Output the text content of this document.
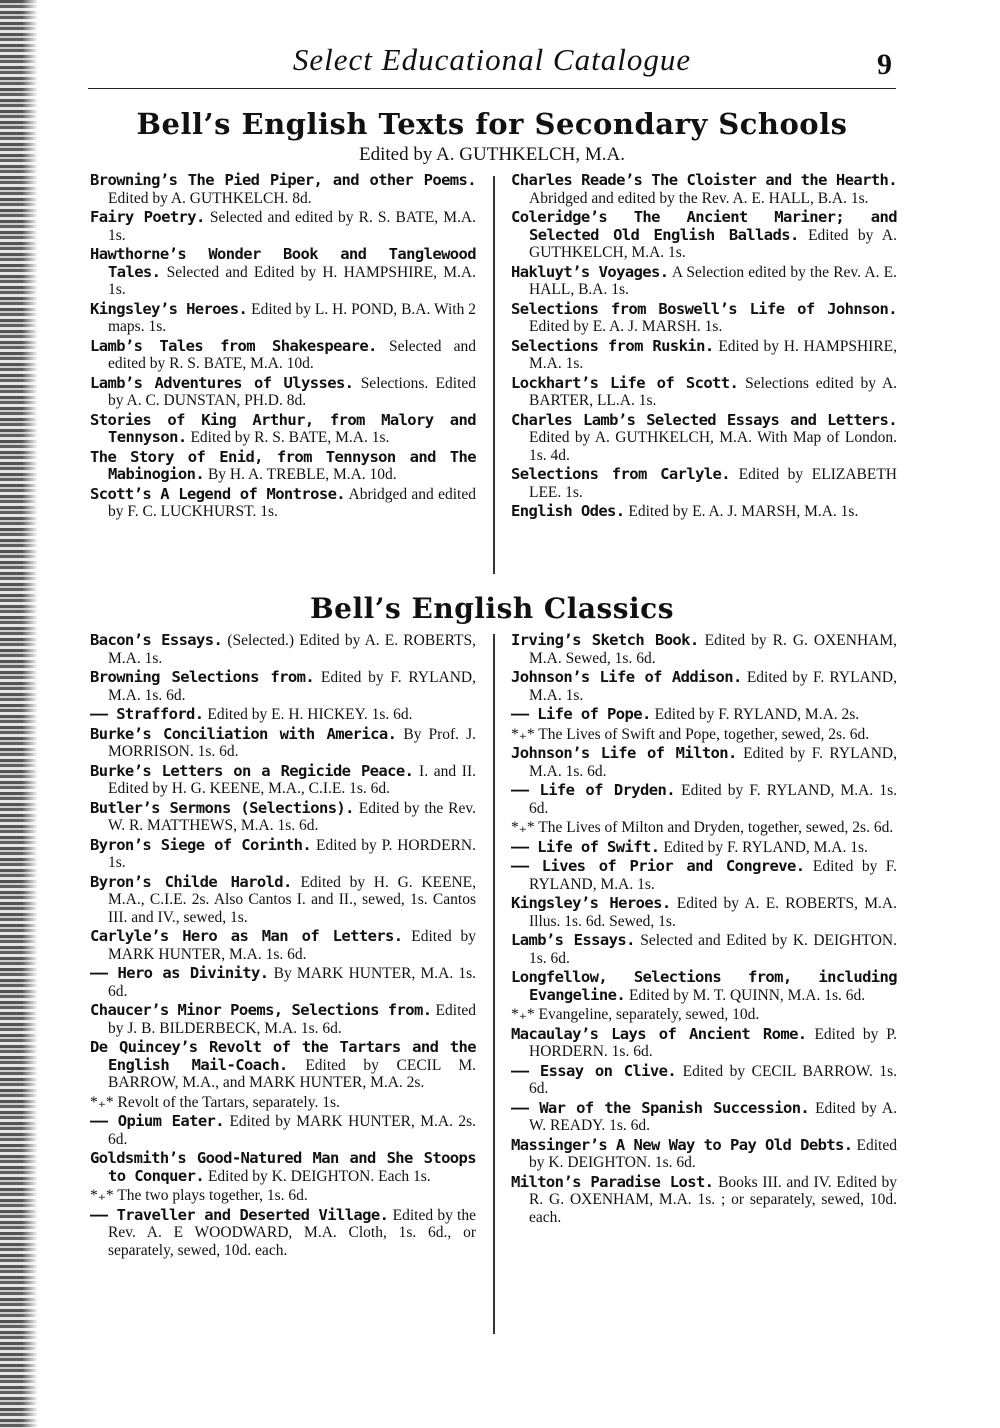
Select Educational Catalogue	9
Bell’s English Texts for Secondary Schools
Edited by A. GUTHKELCH, M.A.

Browning’s The Pied Piper, and other Poems. Edited by A. GUTHKELCH. 8d.

Fairy Poetry. Selected and edited by R. S. BATE, M.A. 1s.

Hawthorne’s Wonder Book and Tanglewood Tales. Selected and Edited by H. HAMPSHIRE, M.A. 1s.

Kingsley’s Heroes. Edited by L. H. POND, B.A. With 2 maps. 1s.

Lamb’s Tales from Shakespeare. Selected and edited by R. S. BATE, M.A. 10d.

Lamb’s Adventures of Ulysses. Selections. Edited by A. C. DUNSTAN, PH.D. 8d.

Stories of King Arthur, from Malory and Tennyson. Edited by R. S. BATE, M.A. 1s.

The Story of Enid, from Tennyson and The Mabinogion. By H. A. TREBLE, M.A. 10d.

Scott’s A Legend of Montrose. Abridged and edited by F. C. LUCKHURST. 1s.

Charles Reade’s The Cloister and the Hearth. Abridged and edited by the Rev. A. E. HALL, B.A. 1s.

Coleridge’s The Ancient Mariner; and Selected Old English Ballads. Edited by A. GUTHKELCH, M.A. 1s.

Hakluyt’s Voyages. A Selection edited by the Rev. A. E. HALL, B.A. 1s.

Selections from Boswell’s Life of Johnson. Edited by E. A. J. MARSH. 1s.

Selections from Ruskin. Edited by H. HAMPSHIRE, M.A. 1s.

Lockhart’s Life of Scott. Selections edited by A. BARTER, LL.A. 1s.

Charles Lamb’s Selected Essays and Letters. Edited by A. GUTHKELCH, M.A. With Map of London. 1s. 4d.

Selections from Carlyle. Edited by ELIZABETH LEE. 1s.

English Odes. Edited by E. A. J. MARSH, M.A. 1s.

Bell’s English Classics

Bacon’s Essays. (Selected.) Edited by A. E. ROBERTS, M.A. 1s.

Browning Selections from. Edited by F. RYLAND, M.A. 1s. 6d.

—— Strafford. Edited by E. H. HICKEY. 1s. 6d.

Burke’s Conciliation with America. By Prof. J. MORRISON. 1s. 6d.

Burke’s Letters on a Regicide Peace. I. and II. Edited by H. G. KEENE, M.A., C.I.E. 1s. 6d.

Butler’s Sermons (Selections). Edited by the Rev. W. R. MATTHEWS, M.A. 1s. 6d.

Byron’s Siege of Corinth. Edited by P. HORDERN. 1s.

Byron’s Childe Harold. Edited by H. G. KEENE, M.A., C.I.E. 2s. Also Cantos I. and II., sewed, 1s. Cantos III. and IV., sewed, 1s.

Carlyle’s Hero as Man of Letters. Edited by MARK HUNTER, M.A. 1s. 6d.

—— Hero as Divinity. By MARK HUNTER, M.A. 1s. 6d.

Chaucer’s Minor Poems, Selections from. Edited by J. B. BILDERBECK, M.A. 1s. 6d.

De Quincey’s Revolt of the Tartars and the English Mail-Coach. Edited by CECIL M. BARROW, M.A., and MARK HUNTER, M.A. 2s.

*₊* Revolt of the Tartars, separately. 1s.

—— Opium Eater. Edited by MARK HUNTER, M.A. 2s. 6d.

Goldsmith’s Good-Natured Man and She Stoops to Conquer. Edited by K. DEIGHTON. Each 1s.

*₊* The two plays together, 1s. 6d.

—— Traveller and Deserted Village. Edited by the Rev. A. E WOODWARD, M.A. Cloth, 1s. 6d., or separately, sewed, 10d. each.

Irving’s Sketch Book. Edited by R. G. OXENHAM, M.A. Sewed, 1s. 6d.

Johnson’s Life of Addison. Edited by F. RYLAND, M.A. 1s.

—— Life of Pope. Edited by F. RYLAND, M.A. 2s.

*₊* The Lives of Swift and Pope, together, sewed, 2s. 6d.

Johnson’s Life of Milton. Edited by F. RYLAND, M.A. 1s. 6d.

—— Life of Dryden. Edited by F. RYLAND, M.A. 1s. 6d.

*₊* The Lives of Milton and Dryden, together, sewed, 2s. 6d.

—— Life of Swift. Edited by F. RYLAND, M.A. 1s.

—— Lives of Prior and Congreve. Edited by F. RYLAND, M.A. 1s.

Kingsley’s Heroes. Edited by A. E. ROBERTS, M.A. Illus. 1s. 6d. Sewed, 1s.

Lamb’s Essays. Selected and Edited by K. DEIGHTON. 1s. 6d.

Longfellow, Selections from, including Evangeline. Edited by M. T. QUINN, M.A. 1s. 6d.

*₊* Evangeline, separately, sewed, 10d.

Macaulay’s Lays of Ancient Rome. Edited by P. HORDERN. 1s. 6d.

—— Essay on Clive. Edited by CECIL BARROW. 1s. 6d.

—— War of the Spanish Succession. Edited by A. W. READY. 1s. 6d.

Massinger’s A New Way to Pay Old Debts. Edited by K. DEIGHTON. 1s. 6d.

Milton’s Paradise Lost. Books III. and IV. Edited by R. G. OXENHAM, M.A. 1s. ; or separately, sewed, 10d. each.
